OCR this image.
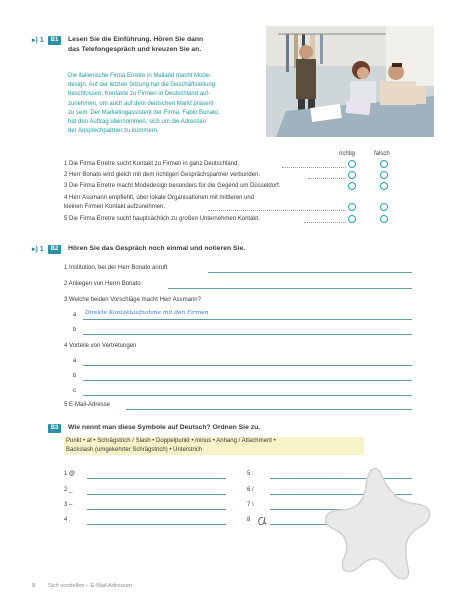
▸) 1	B1	Lesen Sie die Einführung. Hören Sie dann
das Telefongespräch und kreuzen Sie an.
Die italienische Firma Erretre in Mailand macht Mode-
design. Auf der letzten Sitzung hat die Geschäftsleitung
beschlossen, Kontakte zu Firmen in Deutschland auf-
zunehmen, um auch auf dem deutschen Markt präsent
zu sein. Der Marketingassistent der Firma, Fabio Bonato,
hat den Auftrag übernommen, sich um die Adressen
der Ansprechpartner zu kümmern.
richtig	falsch
1 Die Firma Erretre sucht Kontakt zu Firmen in ganz Deutschland.
2 Herr Bonato wird gleich mit dem richtigen Gesprächspartner verbunden.
3 Die Firma Erretre macht Modedesign besonders für die Gegend um Düsseldorf.
4 Herr Assmann empfiehlt, über lokale Organisationen mit mittleren und
kleinen Firmen Kontakt aufzunehmen.
5 Die Firma Erretre sucht hauptsächlich zu großen Unternehmen Kontakt.
▸) 1	B2	Hören Sie das Gespräch noch einmal und notieren Sie.
1 Institution, bei der Herr Bonato anruft
2 Anliegen von Herrn Bonato
3 Welche beiden Vorschläge macht Herr Assmann?
a Direkte Kontaktaufnahme mit den Firmen
b
4 Vorteile von Vertretungen
a
b
c
5 E-Mail-Adresse
B3	Wie nennt man diese Symbole auf Deutsch? Ordnen Sie zu.
Punkt • at • Schrägstrich / Slash • Doppelpunkt • minus • Anhang / Attachment •
Backslash (umgekehrter Schrägstrich) • Unterstrich
1 @
2 _
3 –
4 .
5 :
6 /
7 \
8
8 Sich vorstellen – E-Mail-Adressen
